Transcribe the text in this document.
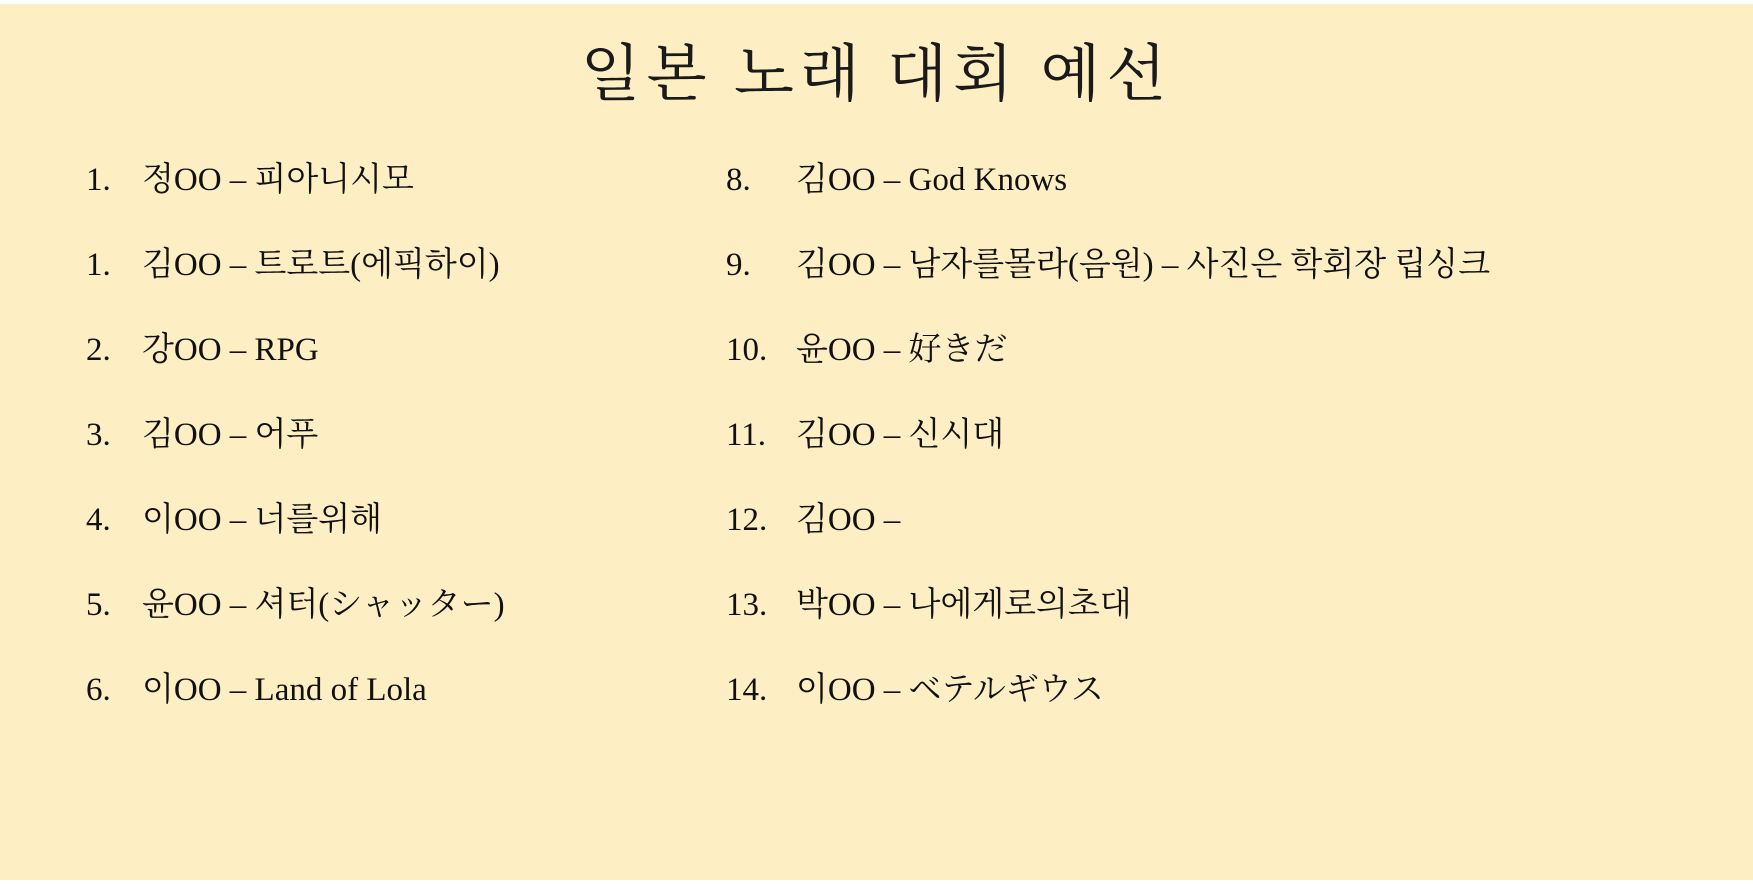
일본 노래 대회 예선
1. 정OO – 피아니시모
1. 김OO – 트로트(에픽하이)
2. 강OO – RPG
3. 김OO – 어푸
4. 이OO – 너를위해
5. 윤OO – 셔터(シャッター)
6. 이OO – Land of Lola
8.	김OO – God Knows
9.	김OO – 남자를몰라(음원) – 사진은 학회장 립싱크
10. 윤OO – 好きだ
11. 김OO – 신시대
12. 김OO –
13. 박OO – 나에게로의초대
14. 이OO – ベテルギウス
